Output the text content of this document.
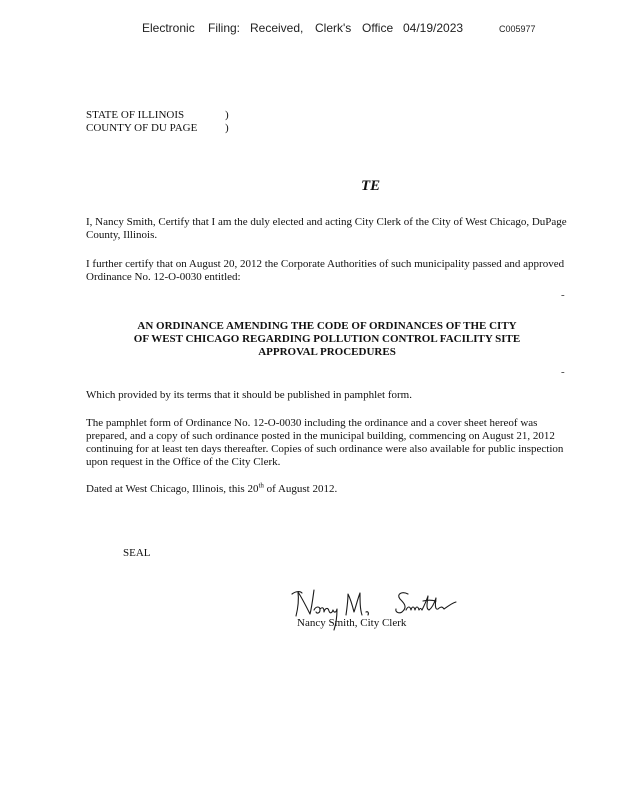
Electronic Filing: Received, Clerk's Office 04/19/2023	C005977
STATE OF ILLINOIS	)
COUNTY OF DU PAGE	)
TE
I, Nancy Smith, Certify that I am the duly elected and acting City Clerk of the City of West Chicago, DuPage County, Illinois.
I further certify that on August 20, 2012 the Corporate Authorities of such municipality passed and approved Ordinance No. 12-O-0030 entitled:
-
AN ORDINANCE AMENDING THE CODE OF ORDINANCES OF THE CITY
OF WEST CHICAGO REGARDING POLLUTION CONTROL FACILITY SITE
APPROVAL PROCEDURES
-
Which provided by its terms that it should be published in pamphlet form.
The pamphlet form of Ordinance No. 12-O-0030 including the ordinance and a cover sheet hereof was prepared, and a copy of such ordinance posted in the municipal building, commencing on August 21, 2012 continuing for at least ten days thereafter. Copies of such ordinance were also available for public inspection upon request in the Office of the City Clerk.
Dated at West Chicago, Illinois, this 20th of August 2012.
SEAL
Nancy Smith, City Clerk
